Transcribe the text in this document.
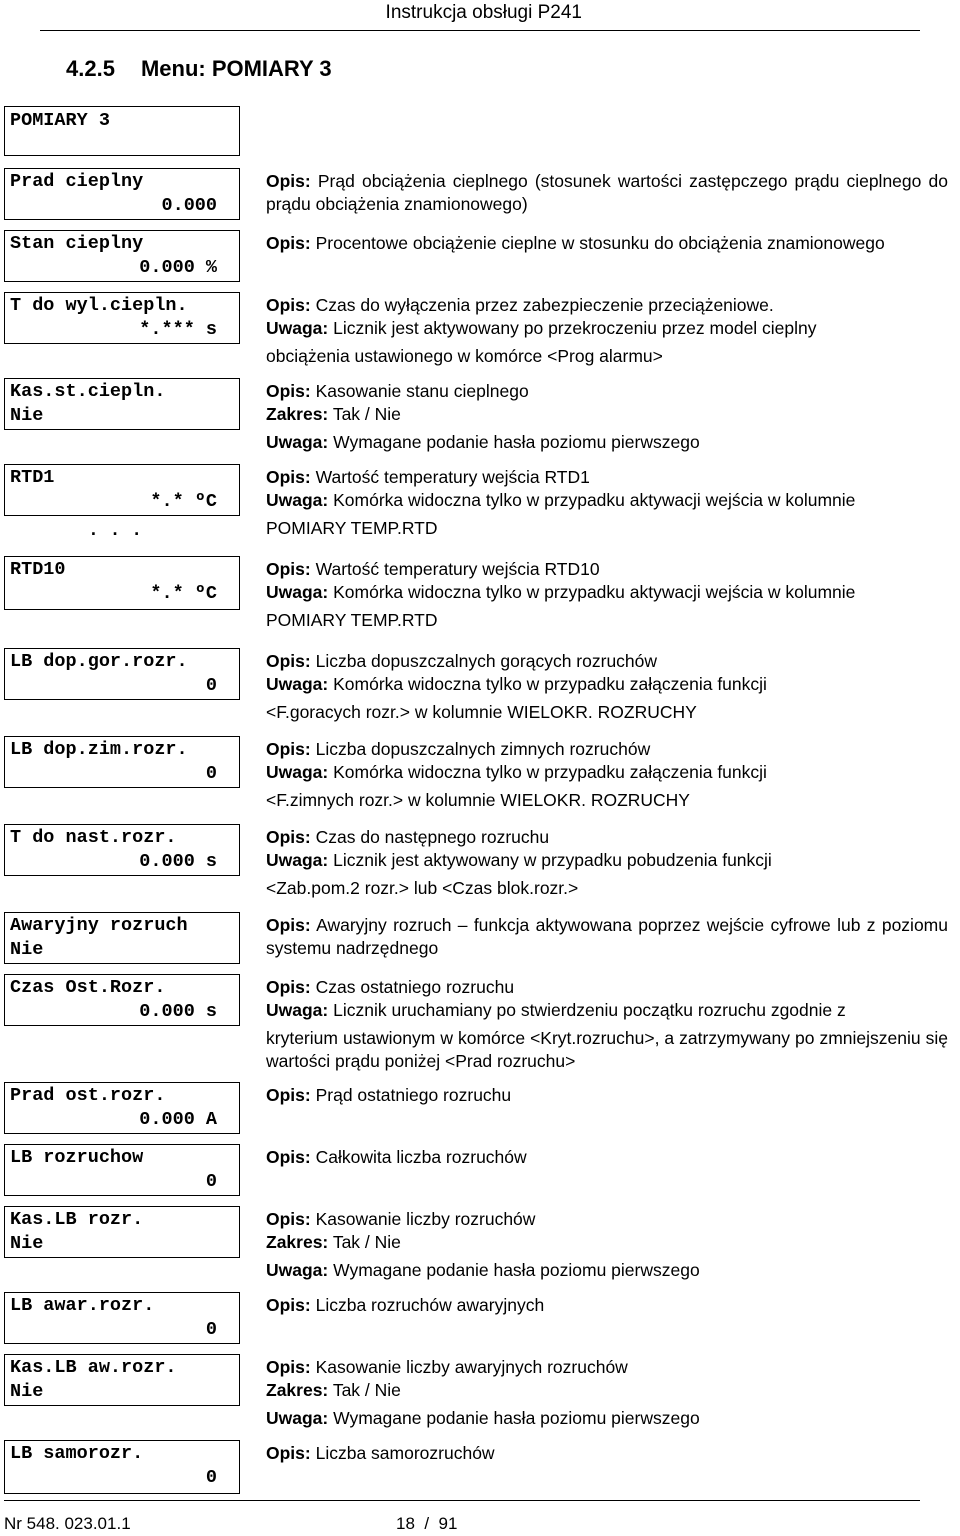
Instrukcja obsługi P241
4.2.5 Menu: POMIARY 3
POMIARY 3
Prad cieplny
0.000

Opis: Prąd obciążenia cieplnego (stosunek wartości zastępczego prądu cieplnego do prądu obciążenia znamionowego)

Stan cieplny
0.000 %

Opis: Procentowe obciążenie cieplne w stosunku do obciążenia znamionowego

T do wyl.ciepln.
*.*** s

Opis: Czas do wyłączenia przez zabezpieczenie przeciążeniowe.

Uwaga: Licznik jest aktywowany po przekroczeniu przez model cieplny

obciążenia ustawionego w komórce <Prog alarmu>

Kas.st.ciepln.
Nie

Opis: Kasowanie stanu cieplnego

Zakres: Tak / Nie

Uwaga: Wymagane podanie hasła poziomu pierwszego

RTD1
*.* ºC
. . .

Opis: Wartość temperatury wejścia RTD1

Uwaga: Komórka widoczna tylko w przypadku aktywacji wejścia w kolumnie

POMIARY TEMP.RTD

RTD10
*.* ºC

Opis: Wartość temperatury wejścia RTD10

Uwaga: Komórka widoczna tylko w przypadku aktywacji wejścia w kolumnie

POMIARY TEMP.RTD

LB dop.gor.rozr.
0

Opis: Liczba dopuszczalnych gorących rozruchów

Uwaga: Komórka widoczna tylko w przypadku załączenia funkcji

<F.goracych rozr.> w kolumnie WIELOKR. ROZRUCHY

LB dop.zim.rozr.
0

Opis: Liczba dopuszczalnych zimnych rozruchów

Uwaga: Komórka widoczna tylko w przypadku załączenia funkcji

<F.zimnych rozr.> w kolumnie WIELOKR. ROZRUCHY

T do nast.rozr.
0.000 s

Opis: Czas do następnego rozruchu

Uwaga: Licznik jest aktywowany w przypadku pobudzenia funkcji

<Zab.pom.2 rozr.> lub <Czas blok.rozr.>

Awaryjny rozruch
Nie

Opis: Awaryjny rozruch – funkcja aktywowana poprzez wejście cyfrowe lub z poziomu systemu nadrzędnego

Czas Ost.Rozr.
0.000 s

Opis: Czas ostatniego rozruchu

Uwaga: Licznik uruchamiany po stwierdzeniu początku rozruchu zgodnie z

kryterium ustawionym w komórce <Kryt.rozruchu>, a zatrzymywany po zmniejszeniu się wartości prądu poniżej <Prad rozruchu>

Prad ost.rozr.
0.000 A

Opis: Prąd ostatniego rozruchu

LB rozruchow
0

Opis: Całkowita liczba rozruchów

Kas.LB rozr.
Nie

Opis: Kasowanie liczby rozruchów

Zakres: Tak / Nie

Uwaga: Wymagane podanie hasła poziomu pierwszego

LB awar.rozr.
0

Opis: Liczba rozruchów awaryjnych

Kas.LB aw.rozr.
Nie

Opis: Kasowanie liczby awaryjnych rozruchów

Zakres: Tak / Nie

Uwaga: Wymagane podanie hasła poziomu pierwszego

LB samorozr.
0

Opis: Liczba samorozruchów

Nr 548. 023.01.1	18  /  91
